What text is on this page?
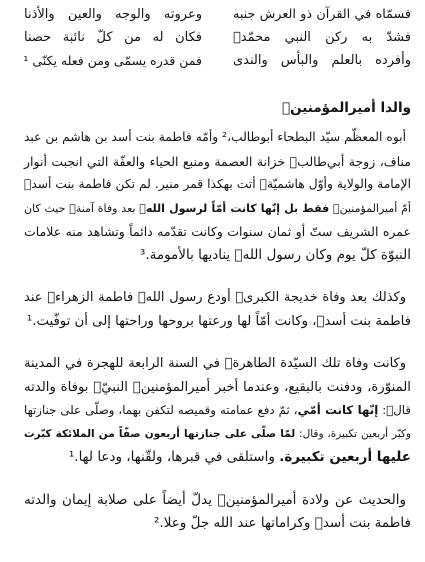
فسمّاه في القرآن ذو العرش جنبه
وعروته والوجه والعين والأذنا
فشدّ به ركن النبي محمّدؐ
فكان له من كلّ نائبة حصنا
وأفرده بالعلم والبأس والندى
فمن قدره يسمّى ومن فعله يكنّى ¹
والدا أميرالمؤمنينؑ
أبوه المعظّم سيّد البطحاء أبوطالب،² وأمّه فاطمة بنت أسد بن هاشم بن عبد
مناف، زوجة أبي‌طالبؑ خزانة العصمة ومنبع الحياء والعفّة التي انجبت أنوار
الإمامة والولاية وأوّل هاشميّةؑ أتت بهكذا قمر منير. لم تكن فاطمة بنت أسدؑ
أمّ أميرالمؤمنينؑ فقط بل إنّها كانت أمّاً لرسول اللهؐ بعد وفاة آمنةؑ حيث كان
عمره الشريف ستّ أو ثمان سنوات وكانت تقدّمه دائماً وتشاهد منه علامات
النبوّة كلّ يوم وكان رسول اللهؐ يناديها بالأمومة.³
وكذلك بعد وفاة خديجة الكبرىؑ أودع رسول اللهؐ فاطمة الزهراءؑ عند
فاطمة بنت أسدؑ، وكانت أمّاً لها ورعتها بروحها وراحتها إلى أن توفّيت.¹
وكانت وفاة تلك السيّدة الطاهرةؑ في السنة الرابعة للهجرة في المدينة
المنوّرة، ودفنت بالبقيع، وعندما أخبر أميرالمؤمنينؑ النبيّؐ بوفاة والدته
قالؐ: إنّها كانت أمّي، ثمّ دفع عمامته وقميصه لتكفن بهما، وصلّى على جنازتها
وكبّر أربعين تكبيرة، وقال: لمّا صلّى على جنازتها أربعون صفّاً من الملائكة كبّرت
عليها أربعين تكبيرة. واستلقى في قبرها، ولقّنها، ودعا لها.¹
والحديث عن ولادة أميرالمؤمنينؑ يدلّ أيضاً على صلابة إيمان والدته
فاطمة بنت أسدؑ وكراماتها عند الله جلّ وعلا.²
